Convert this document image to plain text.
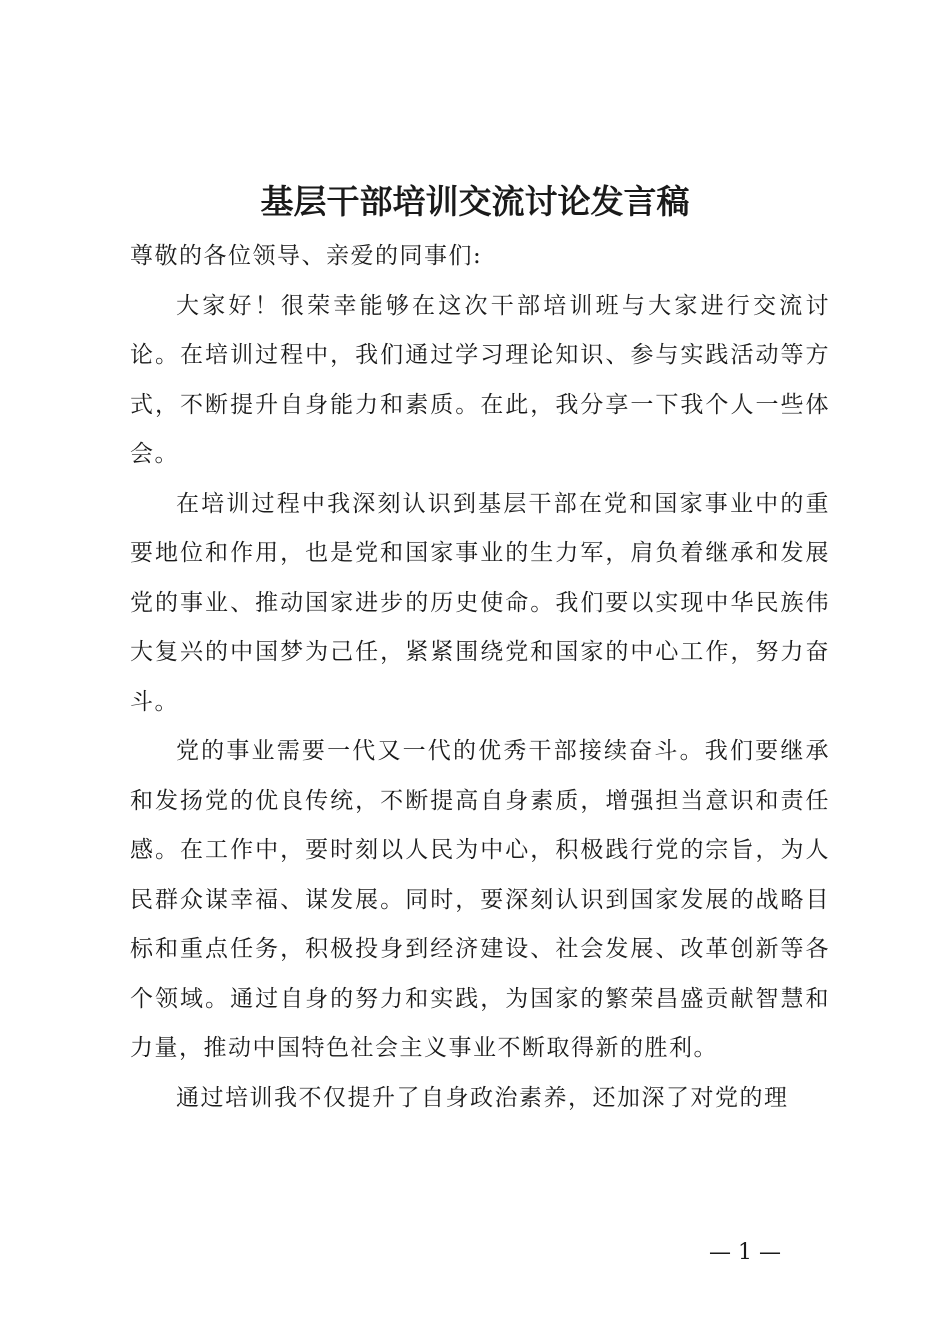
基层干部培训交流讨论发言稿

尊敬的各位领导、亲爱的同事们:

大家好！很荣幸能够在这次干部培训班与大家进行交流讨论。在培训过程中，我们通过学习理论知识、参与实践活动等方式，不断提升自身能力和素质。在此，我分享一下我个人一些体会。

在培训过程中我深刻认识到基层干部在党和国家事业中的重要地位和作用，也是党和国家事业的生力军，肩负着继承和发展党的事业、推动国家进步的历史使命。我们要以实现中华民族伟大复兴的中国梦为己任，紧紧围绕党和国家的中心工作，努力奋斗。

党的事业需要一代又一代的优秀干部接续奋斗。我们要继承和发扬党的优良传统，不断提高自身素质，增强担当意识和责任感。在工作中，要时刻以人民为中心，积极践行党的宗旨，为人民群众谋幸福、谋发展。同时，要深刻认识到国家发展的战略目标和重点任务，积极投身到经济建设、社会发展、改革创新等各个领域。通过自身的努力和实践，为国家的繁荣昌盛贡献智慧和力量，推动中国特色社会主义事业不断取得新的胜利。

通过培训我不仅提升了自身政治素养，还加深了对党的理

— 1 —
